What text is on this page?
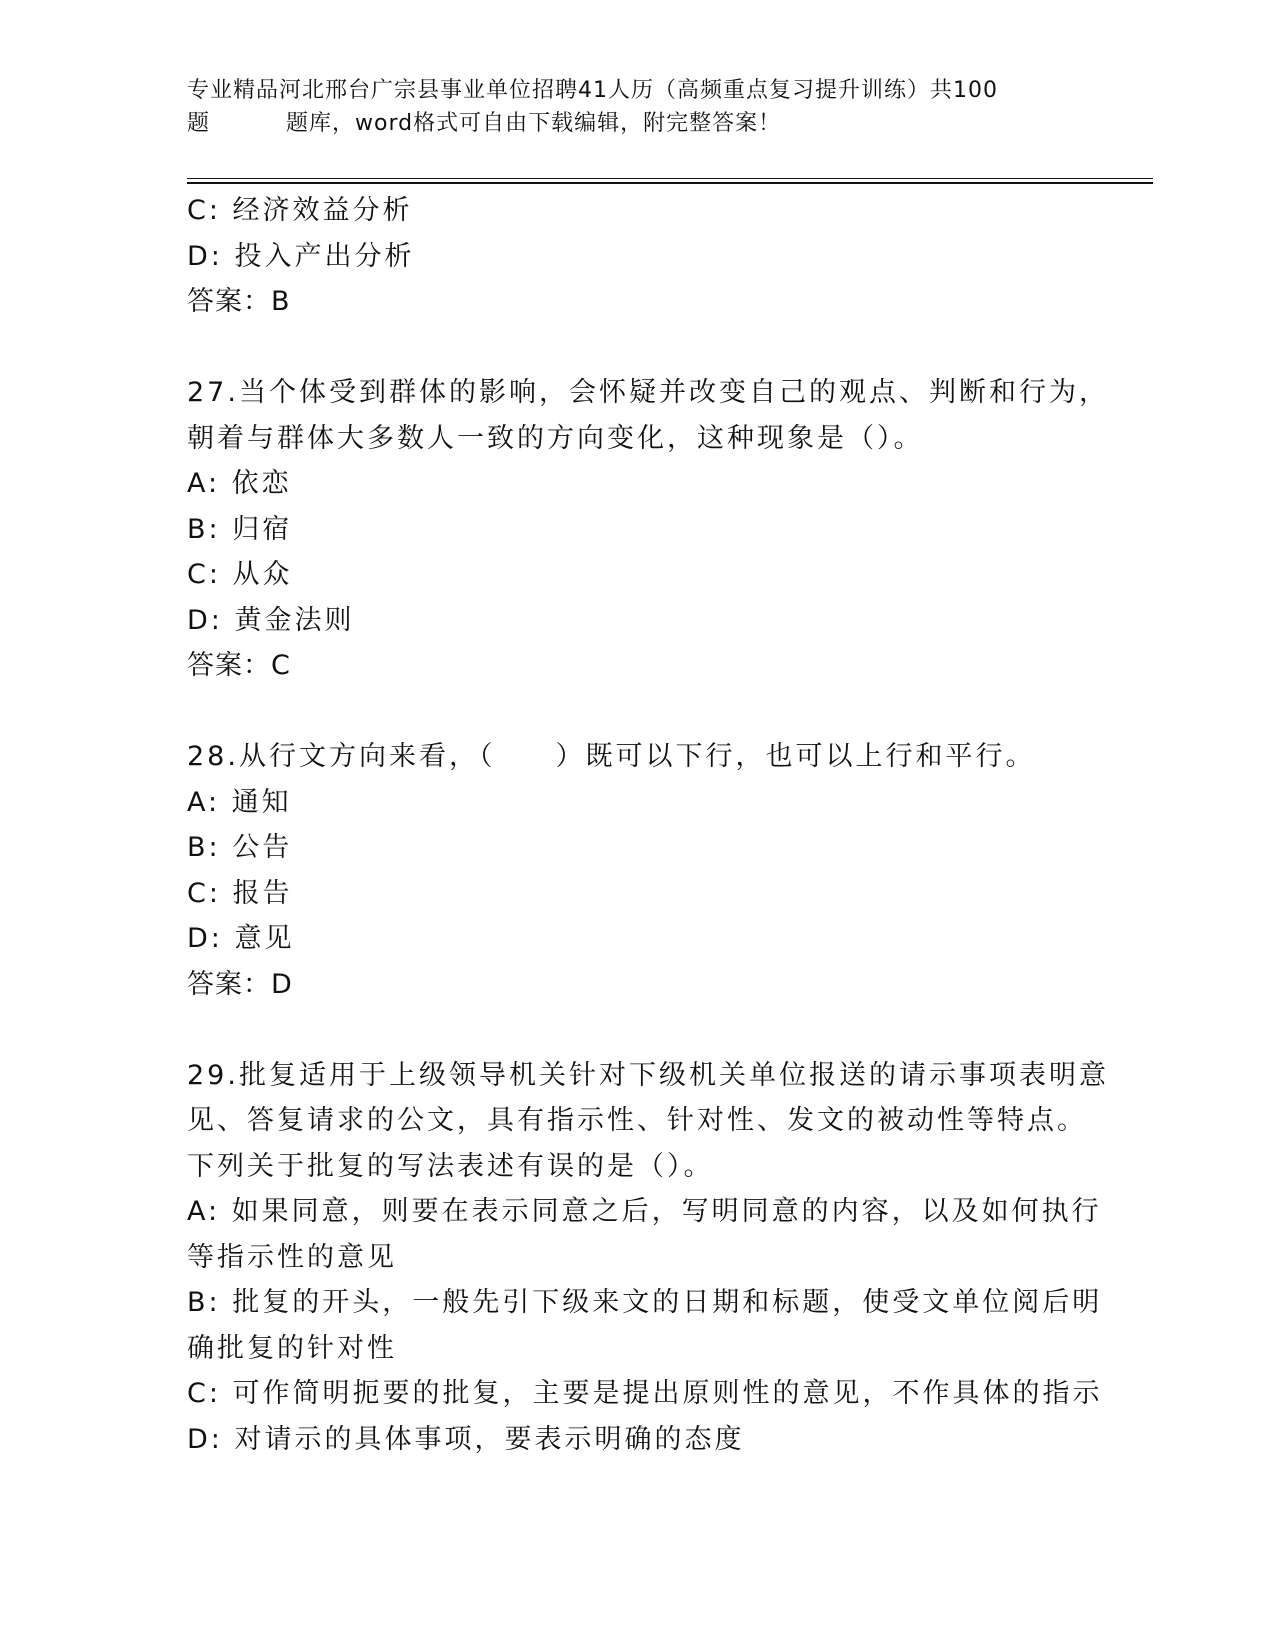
专业精品河北邢台广宗县事业单位招聘41人历（高频重点复习提升训练）共100

题	题库，word格式可自由下载编辑，附完整答案！
C: 经济效益分析
D: 投入产出分析
答案：B
27.当个体受到群体的影响，会怀疑并改变自己的观点、判断和行为，
朝着与群体大多数人一致的方向变化，这种现象是（）。
A: 依恋
B: 归宿
C: 从众
D: 黄金法则
答案：C
28.从行文方向来看，（　　）既可以下行，也可以上行和平行。
A: 通知
B: 公告
C: 报告
D: 意见
答案：D
29.批复适用于上级领导机关针对下级机关单位报送的请示事项表明意
见、答复请求的公文，具有指示性、针对性、发文的被动性等特点。
下列关于批复的写法表述有误的是（）。
A: 如果同意，则要在表示同意之后，写明同意的内容，以及如何执行
等指示性的意见
B: 批复的开头，一般先引下级来文的日期和标题，使受文单位阅后明
确批复的针对性
C: 可作简明扼要的批复，主要是提出原则性的意见，不作具体的指示
D: 对请示的具体事项，要表示明确的态度
